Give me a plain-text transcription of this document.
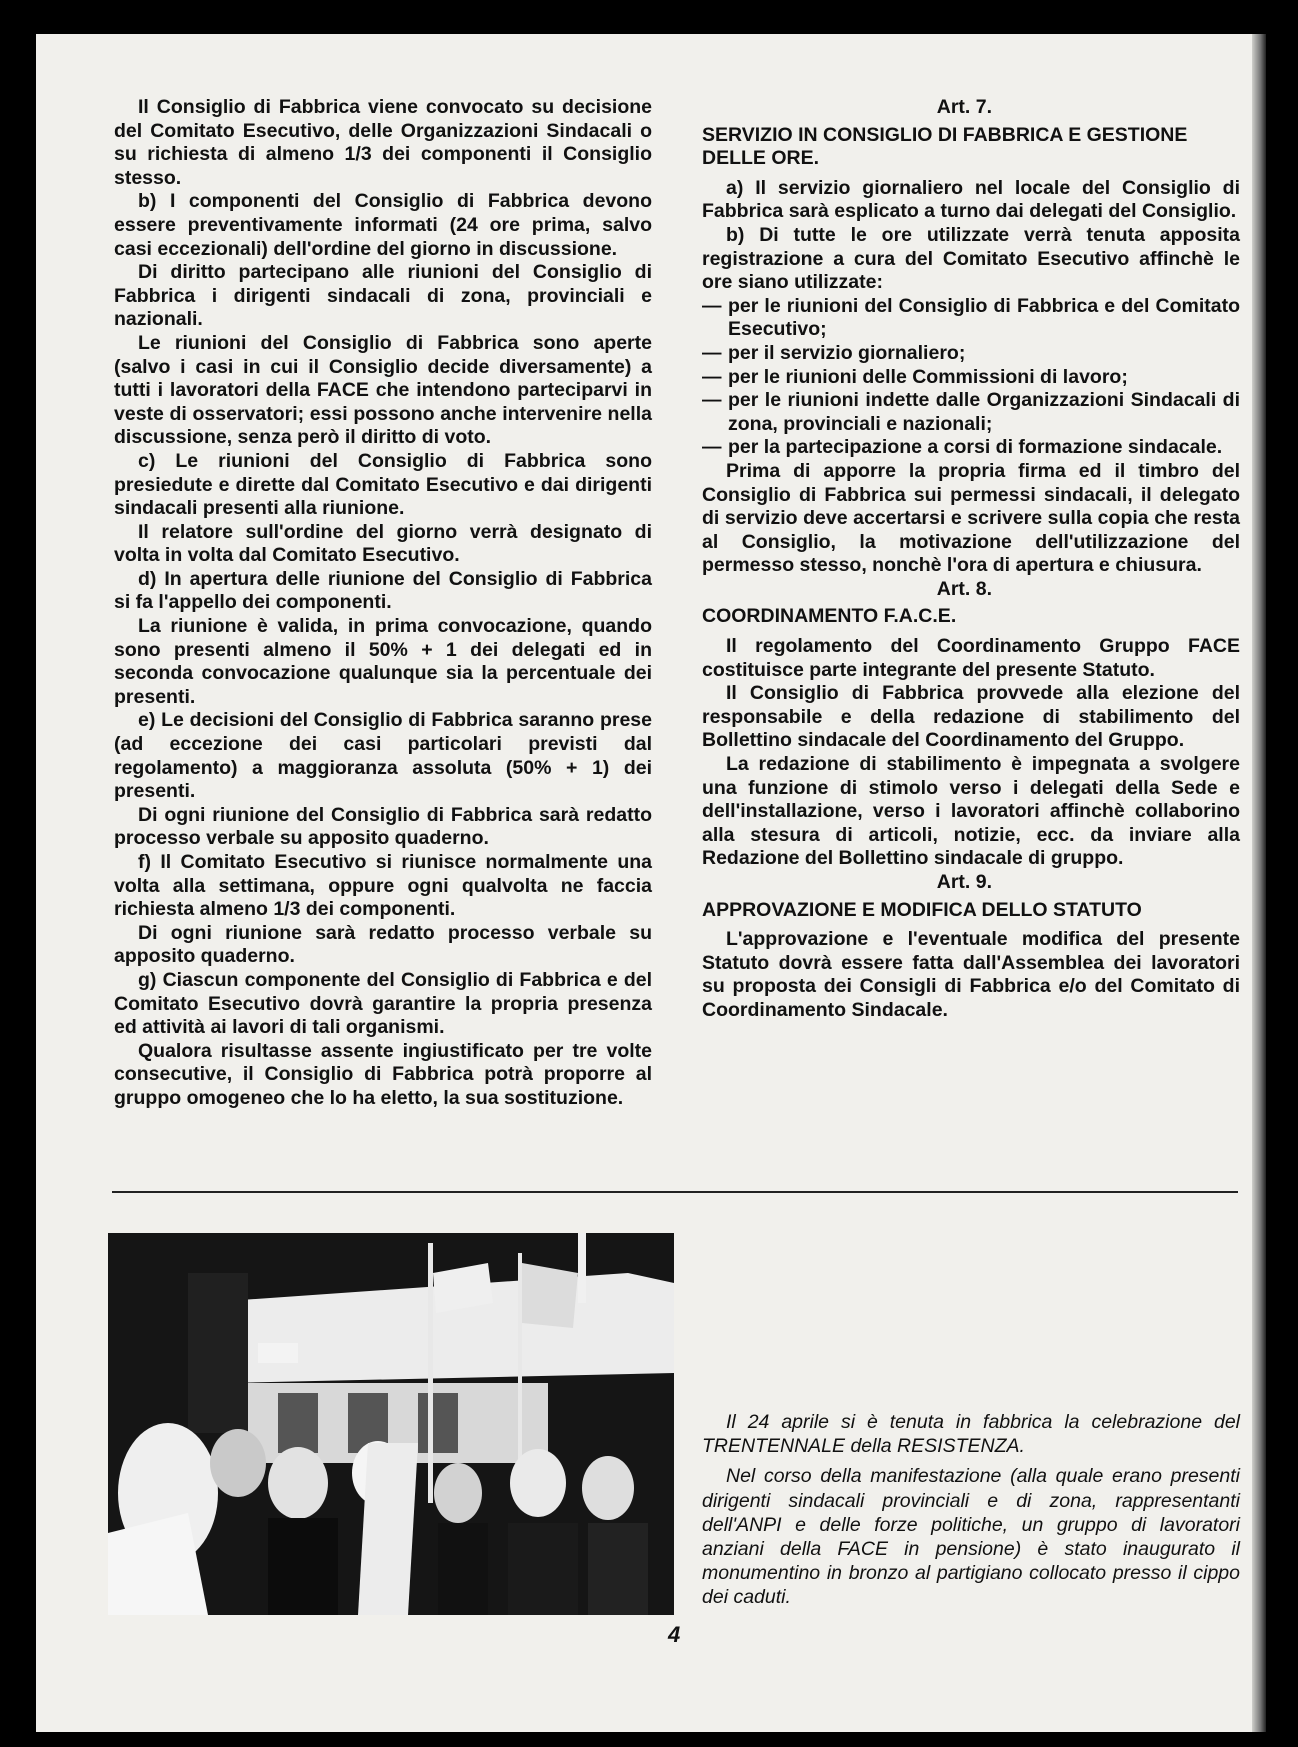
Il Consiglio di Fabbrica viene convocato su decisione del Comitato Esecutivo, delle Organizzazioni Sindacali o su richiesta di almeno 1/3 dei componenti il Consiglio stesso.

b) I componenti del Consiglio di Fabbrica devono essere preventivamente informati (24 ore prima, salvo casi eccezionali) dell'ordine del giorno in discussione.

Di diritto partecipano alle riunioni del Consiglio di Fabbrica i dirigenti sindacali di zona, provinciali e nazionali.

Le riunioni del Consiglio di Fabbrica sono aperte (salvo i casi in cui il Consiglio decide diversamente) a tutti i lavoratori della FACE che intendono parteciparvi in veste di osservatori; essi possono anche intervenire nella discussione, senza però il diritto di voto.

c) Le riunioni del Consiglio di Fabbrica sono presiedute e dirette dal Comitato Esecutivo e dai dirigenti sindacali presenti alla riunione.

Il relatore sull'ordine del giorno verrà designato di volta in volta dal Comitato Esecutivo.

d) In apertura delle riunione del Consiglio di Fabbrica si fa l'appello dei componenti.

La riunione è valida, in prima convocazione, quando sono presenti almeno il 50% + 1 dei delegati ed in seconda convocazione qualunque sia la percentuale dei presenti.

e) Le decisioni del Consiglio di Fabbrica saranno prese (ad eccezione dei casi particolari previsti dal regolamento) a maggioranza assoluta (50% + 1) dei presenti.

Di ogni riunione del Consiglio di Fabbrica sarà redatto processo verbale su apposito quaderno.

f) Il Comitato Esecutivo si riunisce normalmente una volta alla settimana, oppure ogni qualvolta ne faccia richiesta almeno 1/3 dei componenti.

Di ogni riunione sarà redatto processo verbale su apposito quaderno.

g) Ciascun componente del Consiglio di Fabbrica e del Comitato Esecutivo dovrà garantire la propria presenza ed attività ai lavori di tali organismi.

Qualora risultasse assente ingiustificato per tre volte consecutive, il Consiglio di Fabbrica potrà proporre al gruppo omogeneo che lo ha eletto, la sua sostituzione.

Art. 7.

SERVIZIO IN CONSIGLIO DI FABBRICA E GESTIONE DELLE ORE.

a) Il servizio giornaliero nel locale del Consiglio di Fabbrica sarà esplicato a turno dai delegati del Consiglio.

b) Di tutte le ore utilizzate verrà tenuta apposita registrazione a cura del Comitato Esecutivo affinchè le ore siano utilizzate:

— per le riunioni del Consiglio di Fabbrica e del Comitato Esecutivo;
— per il servizio giornaliero;
— per le riunioni delle Commissioni di lavoro;
— per le riunioni indette dalle Organizzazioni Sindacali di zona, provinciali e nazionali;
— per la partecipazione a corsi di formazione sindacale.

Prima di apporre la propria firma ed il timbro del Consiglio di Fabbrica sui permessi sindacali, il delegato di servizio deve accertarsi e scrivere sulla copia che resta al Consiglio, la motivazione dell'utilizzazione del permesso stesso, nonchè l'ora di apertura e chiusura.

Art. 8.

COORDINAMENTO F.A.C.E.

Il regolamento del Coordinamento Gruppo FACE costituisce parte integrante del presente Statuto.

Il Consiglio di Fabbrica provvede alla elezione del responsabile e della redazione di stabilimento del Bollettino sindacale del Coordinamento del Gruppo.

La redazione di stabilimento è impegnata a svolgere una funzione di stimolo verso i delegati della Sede e dell'installazione, verso i lavoratori affinchè collaborino alla stesura di articoli, notizie, ecc. da inviare alla Redazione del Bollettino sindacale di gruppo.

Art. 9.

APPROVAZIONE E MODIFICA DELLO STATUTO

L'approvazione e l'eventuale modifica del presente Statuto dovrà essere fatta dall'Assemblea dei lavoratori su proposta dei Consigli di Fabbrica e/o del Comitato di Coordinamento Sindacale.

Il 24 aprile si è tenuta in fabbrica la celebrazione del TRENTENNALE della RESISTENZA.

Nel corso della manifestazione (alla quale erano presenti dirigenti sindacali provinciali e di zona, rappresentanti dell'ANPI e delle forze politiche, un gruppo di lavoratori anziani della FACE in pensione) è stato inaugurato il monumentino in bronzo al partigiano collocato presso il cippo dei caduti.

4
